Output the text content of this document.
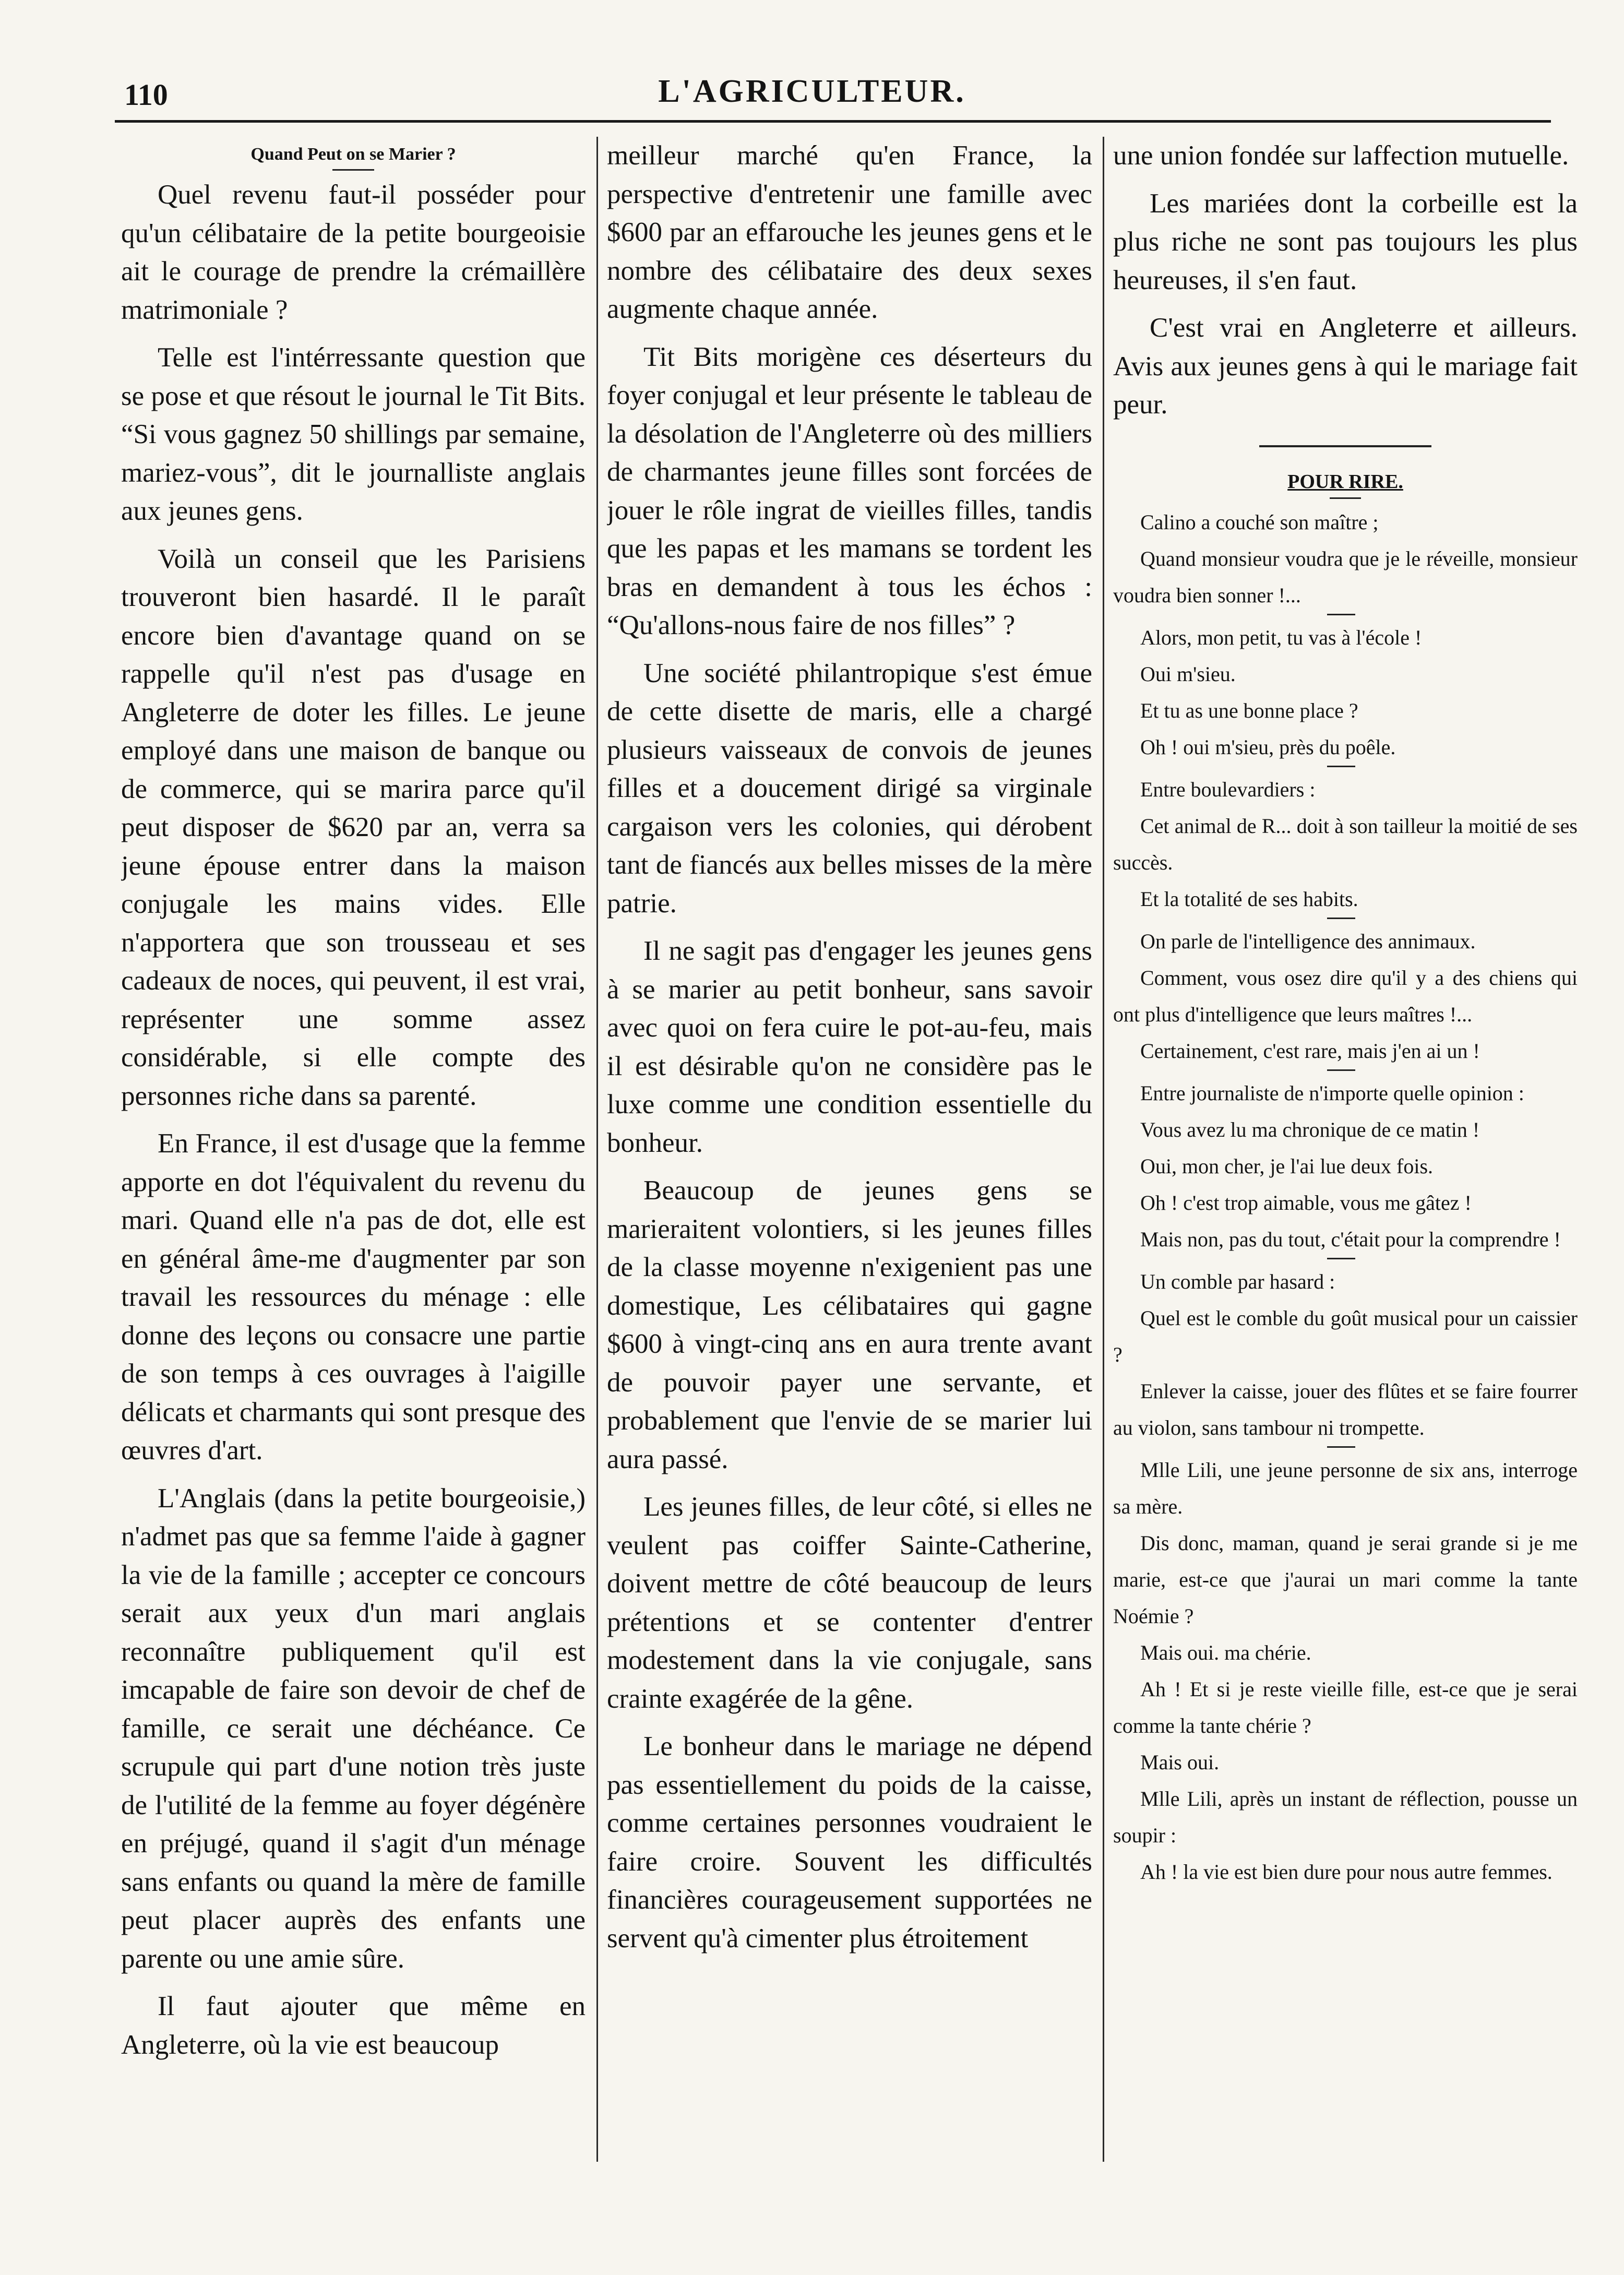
110	L'AGRICULTEUR.
Quand Peut on se Marier ?

Quel revenu faut-il posséder pour qu'un célibataire de la petite bourgeoisie ait le courage de prendre la crémaillère matrimoniale ?

Telle est l'intérressante question que se pose et que résout le journal le Tit Bits. “Si vous gagnez 50 shillings par semaine, mariez-vous”, dit le journalliste anglais aux jeunes gens.

Voilà un conseil que les Parisiens trouveront bien hasardé. Il le paraît encore bien d'avantage quand on se rappelle qu'il n'est pas d'usage en Angleterre de doter les filles. Le jeune employé dans une maison de banque ou de commerce, qui se marira parce qu'il peut disposer de $620 par an, verra sa jeune épouse entrer dans la maison conjugale les mains vides. Elle n'apportera que son trousseau et ses cadeaux de noces, qui peuvent, il est vrai, représenter une somme assez considérable, si elle compte des personnes riche dans sa parenté.

En France, il est d'usage que la femme apporte en dot l'équivalent du revenu du mari. Quand elle n'a pas de dot, elle est en général âme-me d'augmenter par son travail les ressources du ménage : elle donne des leçons ou consacre une partie de son temps à ces ouvrages à l'aigille délicats et charmants qui sont presque des œuvres d'art.

L'Anglais (dans la petite bourgeoisie,) n'admet pas que sa femme l'aide à gagner la vie de la famille ; accepter ce concours serait aux yeux d'un mari anglais reconnaître publiquement qu'il est imcapable de faire son devoir de chef de famille, ce serait une déchéance. Ce scrupule qui part d'une notion très juste de l'utilité de la femme au foyer dégénère en préjugé, quand il s'agit d'un ménage sans enfants ou quand la mère de famille peut placer auprès des enfants une parente ou une amie sûre.

Il faut ajouter que même en Angleterre, où la vie est beaucoup

meilleur marché qu'en France, la perspective d'entretenir une famille avec $600 par an effarouche les jeunes gens et le nombre des célibataire des deux sexes augmente chaque année.

Tit Bits morigène ces déserteurs du foyer conjugal et leur présente le tableau de la désolation de l'Angleterre où des milliers de charmantes jeune filles sont forcées de jouer le rôle ingrat de vieilles filles, tandis que les papas et les mamans se tordent les bras en demandent à tous les échos : “Qu'allons-nous faire de nos filles” ?

Une société philantropique s'est émue de cette disette de maris, elle a chargé plusieurs vaisseaux de convois de jeunes filles et a doucement dirigé sa virginale cargaison vers les colonies, qui dérobent tant de fiancés aux belles misses de la mère patrie.

Il ne sagit pas d'engager les jeunes gens à se marier au petit bonheur, sans savoir avec quoi on fera cuire le pot-au-feu, mais il est désirable qu'on ne considère pas le luxe comme une condition essentielle du bonheur.

Beaucoup de jeunes gens se marieraitent volontiers, si les jeunes filles de la classe moyenne n'exigenient pas une domestique, Les célibataires qui gagne $600 à vingt-cinq ans en aura trente avant de pouvoir payer une servante, et probablement que l'envie de se marier lui aura passé.

Les jeunes filles, de leur côté, si elles ne veulent pas coiffer Sainte-Catherine, doivent mettre de côté beaucoup de leurs prétentions et se contenter d'entrer modestement dans la vie conjugale, sans crainte exagérée de la gêne.

Le bonheur dans le mariage ne dépend pas essentiellement du poids de la caisse, comme certaines personnes voudraient le faire croire. Souvent les difficultés financières courageusement supportées ne servent qu'à cimenter plus étroitement

une union fondée sur laffection mutuelle.

Les mariées dont la corbeille est la plus riche ne sont pas toujours les plus heureuses, il s'en faut.

C'est vrai en Angleterre et ailleurs. Avis aux jeunes gens à qui le mariage fait peur.

POUR RIRE.

Calino a couché son maître ;

Quand monsieur voudra que je le réveille, monsieur voudra bien sonner !...

Alors, mon petit, tu vas à l'école !

Oui m'sieu.

Et tu as une bonne place ?

Oh ! oui m'sieu, près du poêle.

Entre boulevardiers :

Cet animal de R... doit à son tailleur la moitié de ses succès.

Et la totalité de ses habits.

On parle de l'intelligence des annimaux.

Comment, vous osez dire qu'il y a des chiens qui ont plus d'intelligence que leurs maîtres !...

Certainement, c'est rare, mais j'en ai un !

Entre journaliste de n'importe quelle opinion :

Vous avez lu ma chronique de ce matin !

Oui, mon cher, je l'ai lue deux fois.

Oh ! c'est trop aimable, vous me gâtez !

Mais non, pas du tout, c'était pour la comprendre !

Un comble par hasard :

Quel est le comble du goût musical pour un caissier ?

Enlever la caisse, jouer des flûtes et se faire fourrer au violon, sans tambour ni trompette.

Mlle Lili, une jeune personne de six ans, interroge sa mère.

Dis donc, maman, quand je serai grande si je me marie, est-ce que j'aurai un mari comme la tante Noémie ?

Mais oui. ma chérie.

Ah ! Et si je reste vieille fille, est-ce que je serai comme la tante chérie ?

Mais oui.

Mlle Lili, après un instant de réflection, pousse un soupir :

Ah ! la vie est bien dure pour nous autre femmes.
